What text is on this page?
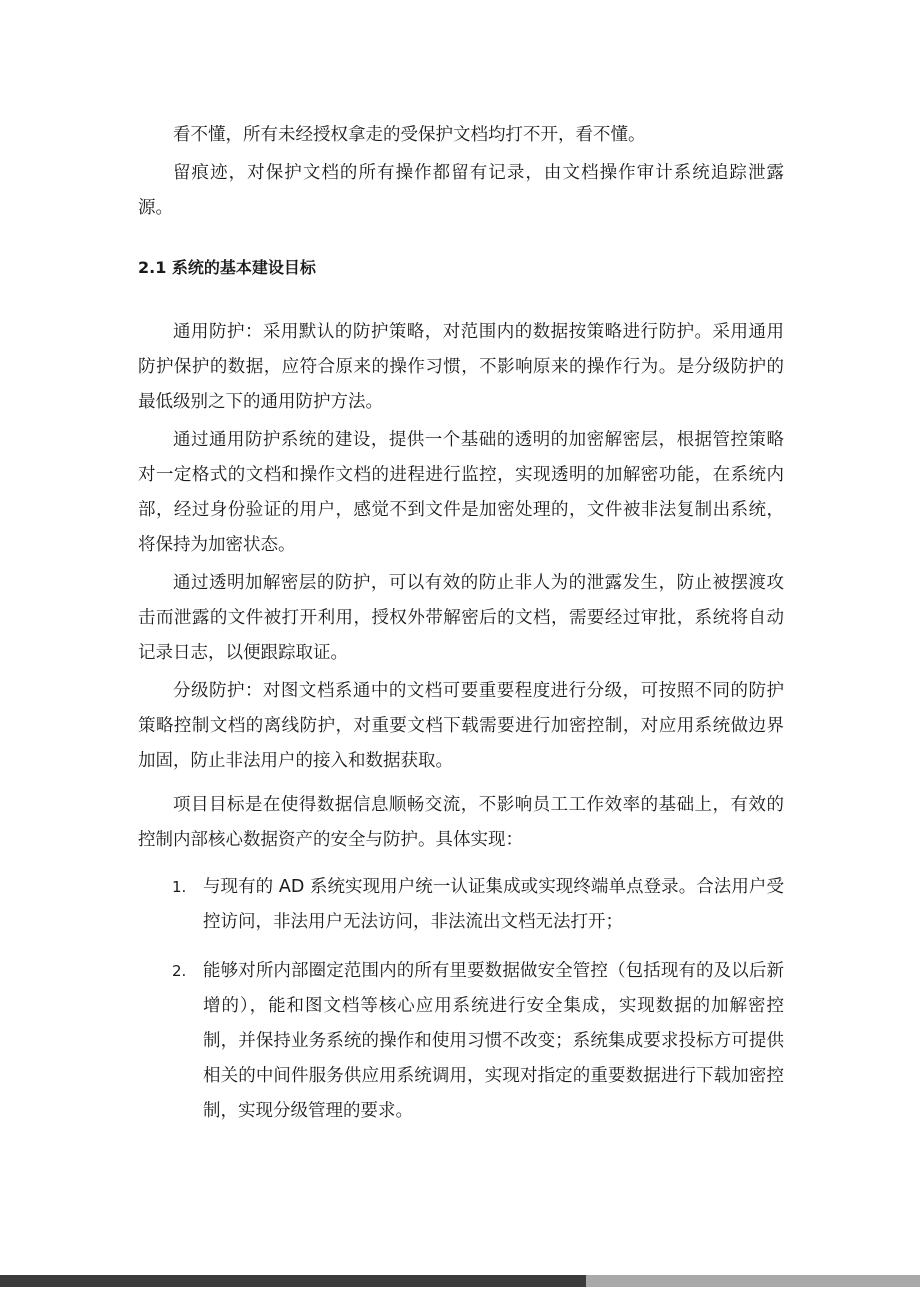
看不懂，所有未经授权拿走的受保护文档均打不开，看不懂。

留痕迹，对保护文档的所有操作都留有记录，由文档操作审计系统追踪泄露源。

2.1 系统的基本建设目标

通用防护：采用默认的防护策略，对范围内的数据按策略进行防护。采用通用防护保护的数据，应符合原来的操作习惯，不影响原来的操作行为。是分级防护的最低级别之下的通用防护方法。

通过通用防护系统的建设，提供一个基础的透明的加密解密层，根据管控策略对一定格式的文档和操作文档的进程进行监控，实现透明的加解密功能，在系统内部，经过身份验证的用户，感觉不到文件是加密处理的，文件被非法复制出系统，将保持为加密状态。

通过透明加解密层的防护，可以有效的防止非人为的泄露发生，防止被摆渡攻击而泄露的文件被打开利用，授权外带解密后的文档，需要经过审批，系统将自动记录日志，以便跟踪取证。

分级防护：对图文档系通中的文档可要重要程度进行分级，可按照不同的防护策略控制文档的离线防护，对重要文档下载需要进行加密控制，对应用系统做边界加固，防止非法用户的接入和数据获取。

项目目标是在使得数据信息顺畅交流，不影响员工工作效率的基础上，有效的控制内部核心数据资产的安全与防护。具体实现：

1. 与现有的 AD 系统实现用户统一认证集成或实现终端单点登录。合法用户受控访问，非法用户无法访问，非法流出文档无法打开；
2. 能够对所内部圈定范围内的所有里要数据做安全管控（包括现有的及以后新增的），能和图文档等核心应用系统进行安全集成，实现数据的加解密控制，并保持业务系统的操作和使用习惯不改变；系统集成要求投标方可提供相关的中间件服务供应用系统调用，实现对指定的重要数据进行下载加密控制，实现分级管理的要求。
